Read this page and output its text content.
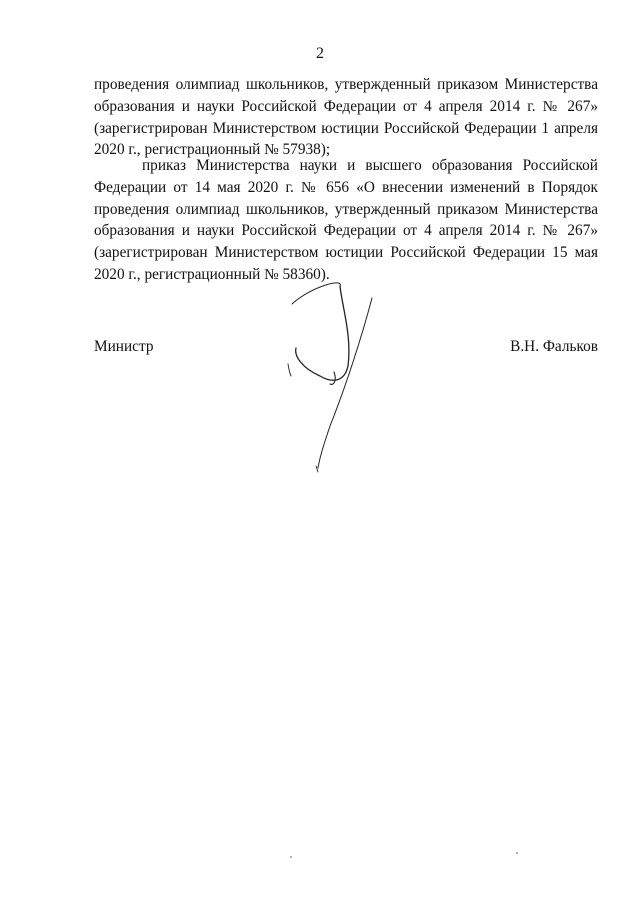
2

проведения олимпиад школьников, утвержденный приказом Министерства образования и науки Российской Федерации от 4 апреля 2014 г. № 267» (зарегистрирован Министерством юстиции Российской Федерации 1 апреля 2020 г., регистрационный № 57938);

приказ Министерства науки и высшего образования Российской Федерации от 14 мая 2020 г. № 656 «О внесении изменений в Порядок проведения олимпиад школьников, утвержденный приказом Министерства образования и науки Российской Федерации от 4 апреля 2014 г. № 267» (зарегистрирован Министерством юстиции Российской Федерации 15 мая 2020 г., регистрационный № 58360).

Министр	В.Н. Фальков
